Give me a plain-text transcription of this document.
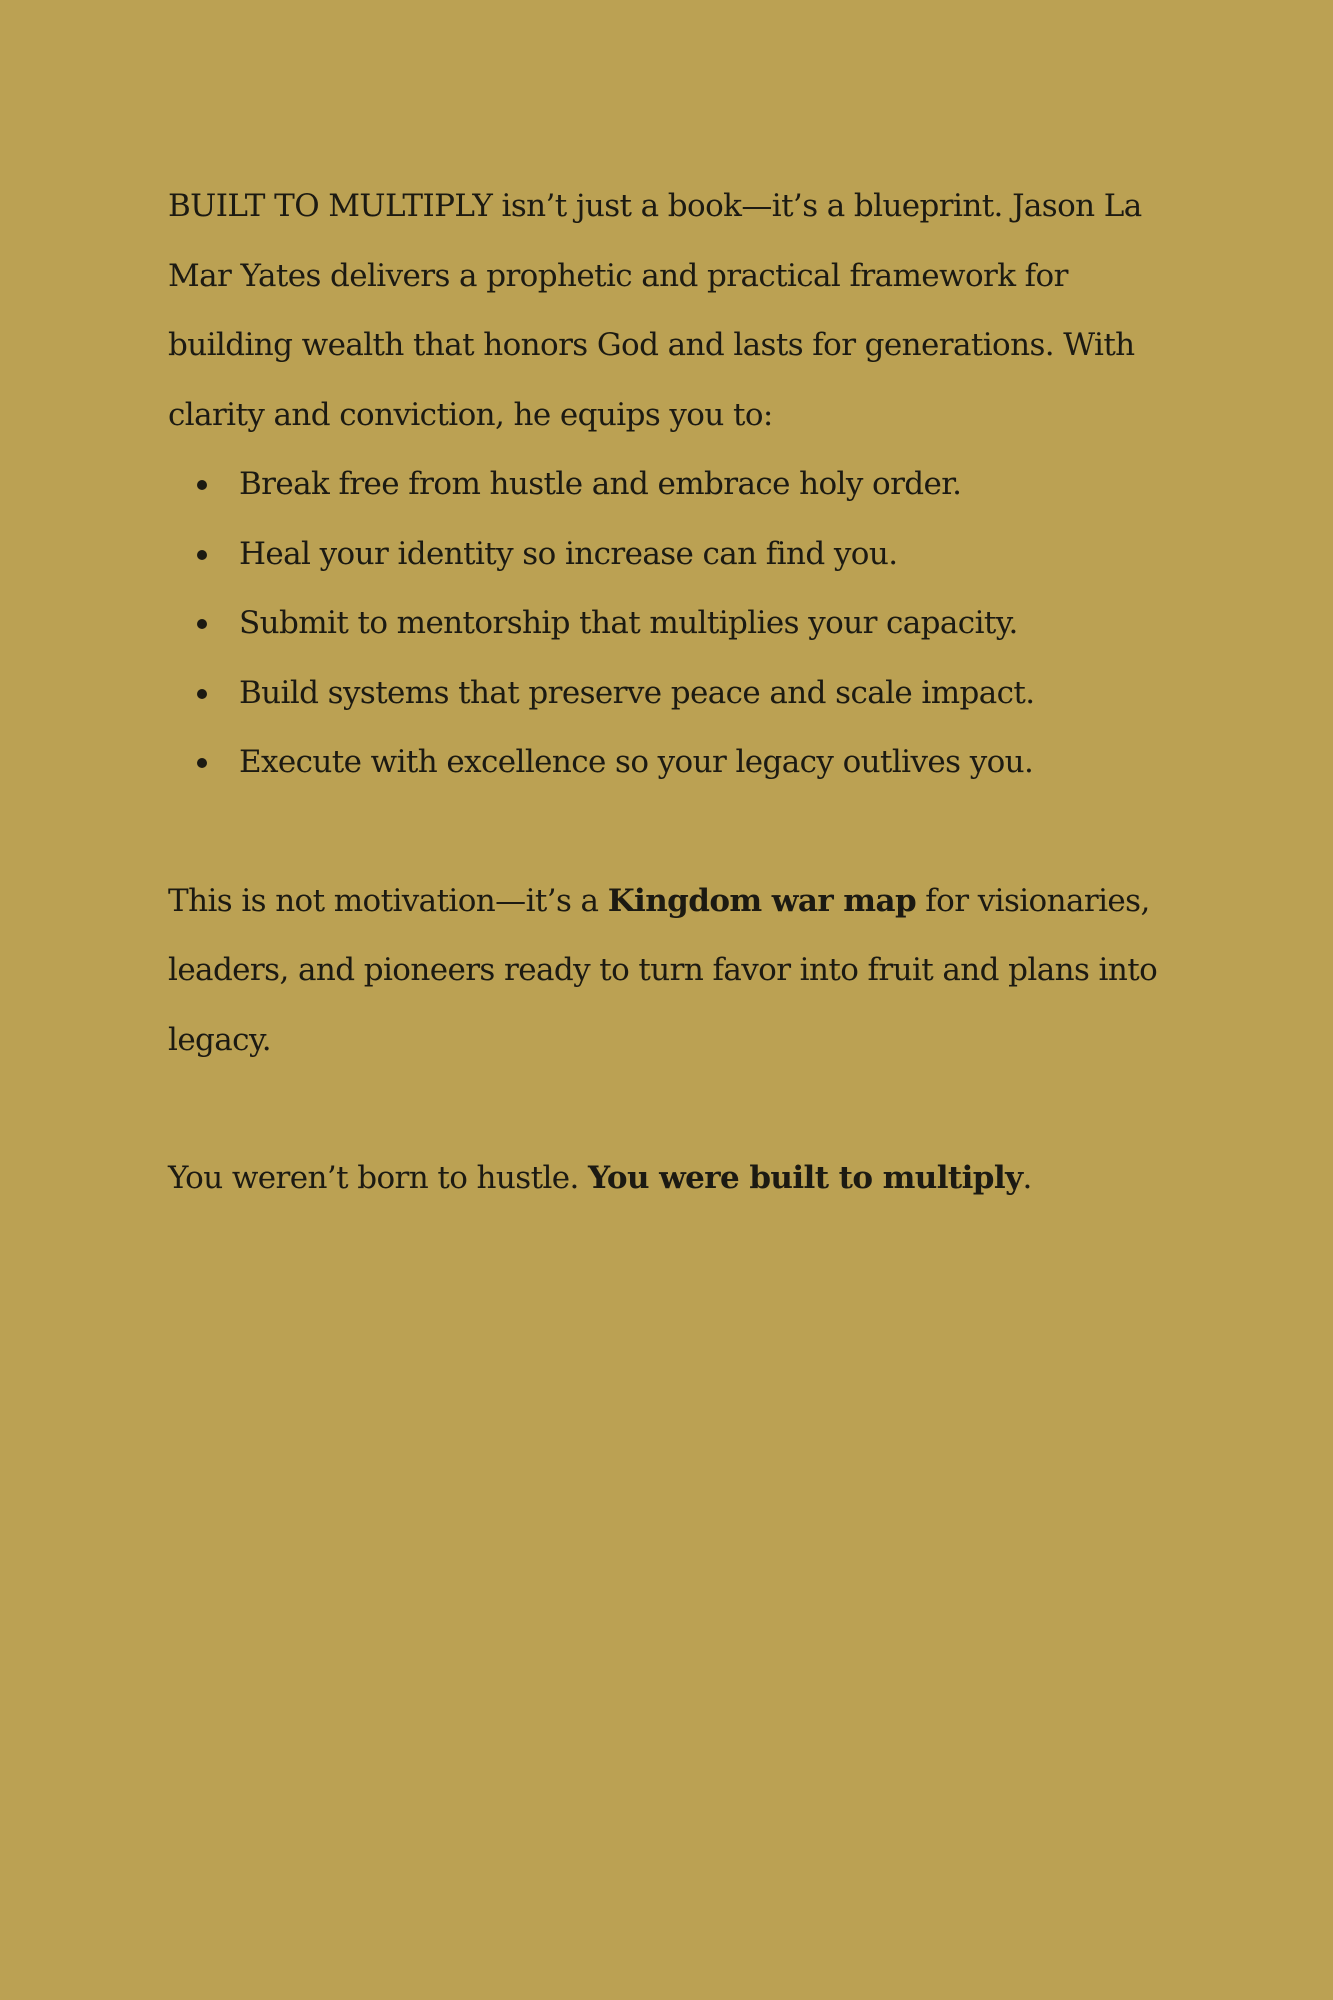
BUILT TO MULTIPLY isn’t just a book—it’s a blueprint. Jason La Mar Yates delivers a prophetic and practical framework for building wealth that honors God and lasts for generations. With clarity and conviction, he equips you to:

Break free from hustle and embrace holy order.
Heal your identity so increase can find you.
Submit to mentorship that multiplies your capacity.
Build systems that preserve peace and scale impact.
Execute with excellence so your legacy outlives you.

This is not motivation—it’s a Kingdom war map for visionaries, leaders, and pioneers ready to turn favor into fruit and plans into legacy.

You weren’t born to hustle. You were built to multiply.
